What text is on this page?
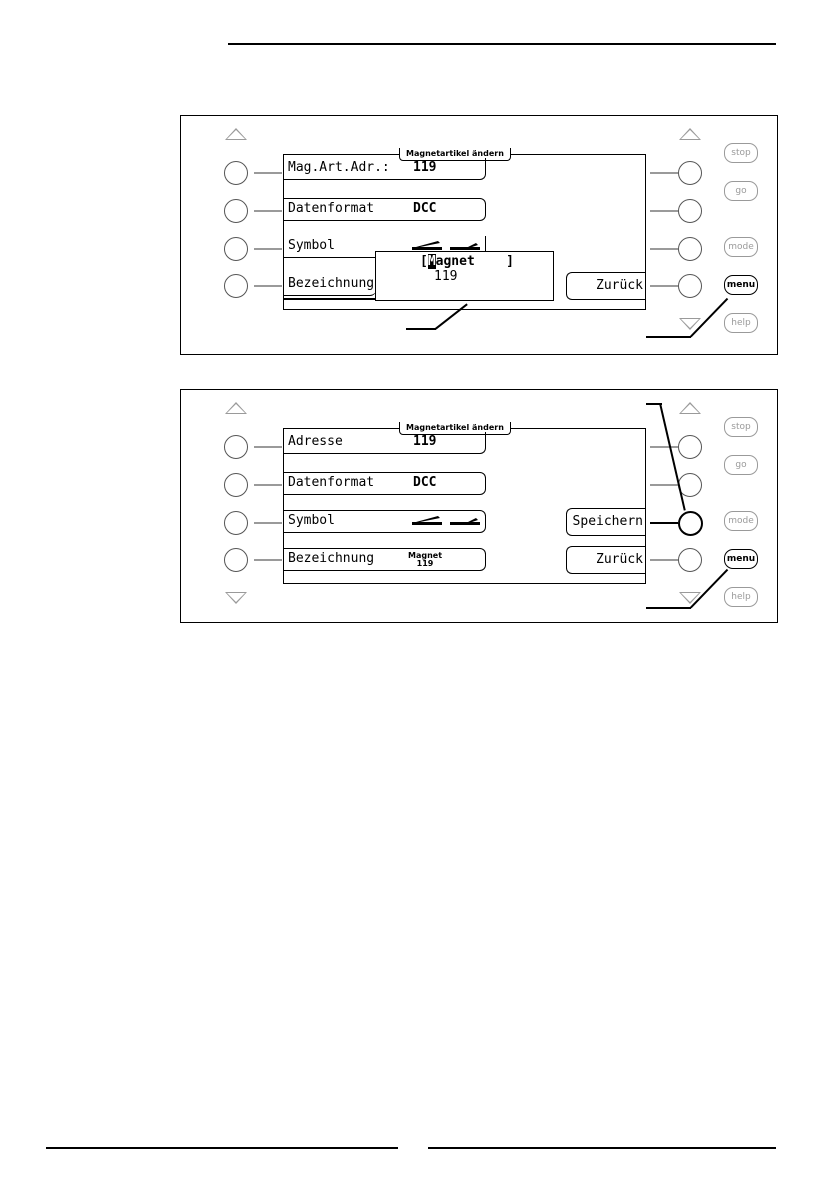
stop
go
mode
menu
help
Magnetartikel ändern
Mag.Art.Adr.: 119
Datenformat	DCC
Symbol
Bezeichnung
[Magnet ]
119
Zurück
stop
go
mode
menu
help
Magnetartikel ändern
Adresse	119
Datenformat	DCC
Symbol
Bezeichnung	Magnet
119
Speichern
Zurück
